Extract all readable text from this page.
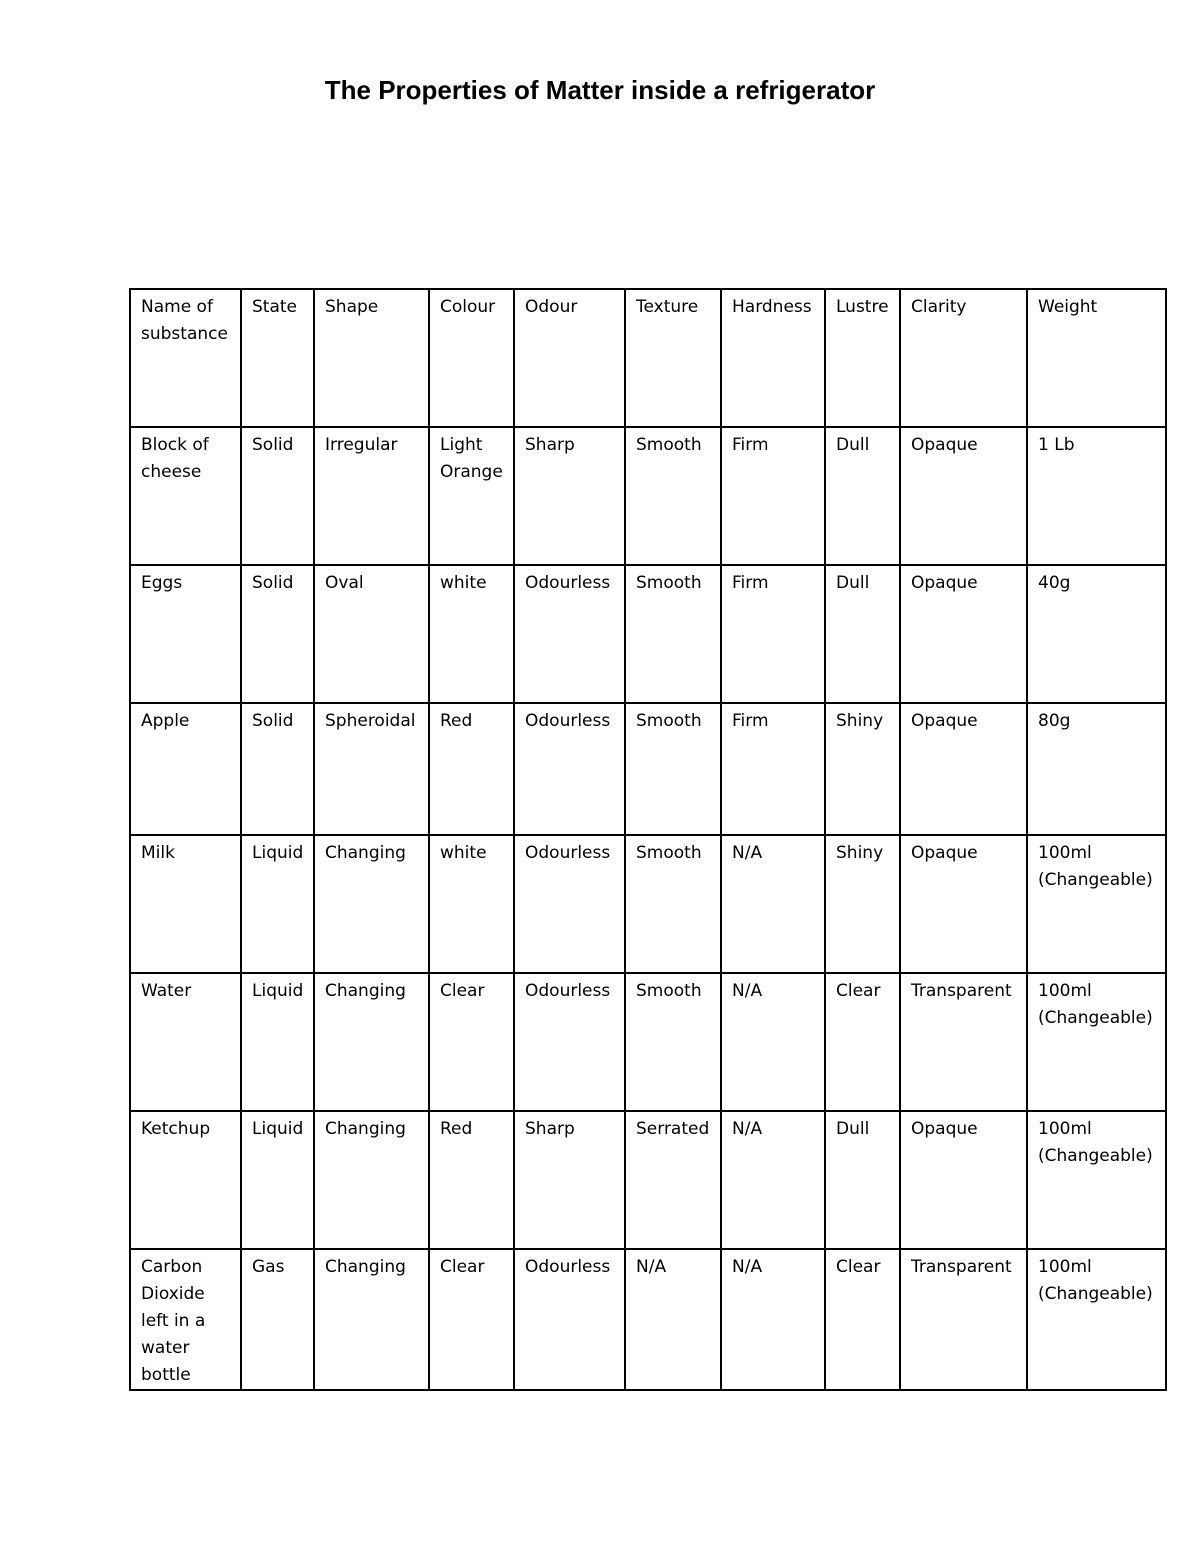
The Properties of Matter inside a refrigerator
Name of substance	State	Shape	Colour	Odour	Texture	Hardness	Lustre	Clarity	Weight
Block of cheese	Solid	Irregular	Light Orange	Sharp	Smooth	Firm	Dull	Opaque	1 Lb
Eggs	Solid	Oval	white	Odourless	Smooth	Firm	Dull	Opaque	40g
Apple	Solid	Spheroidal	Red	Odourless	Smooth	Firm	Shiny	Opaque	80g
Milk	Liquid	Changing	white	Odourless	Smooth	N/A	Shiny	Opaque	100ml (Changeable)
Water	Liquid	Changing	Clear	Odourless	Smooth	N/A	Clear	Transparent	100ml (Changeable)
Ketchup	Liquid	Changing	Red	Sharp	Serrated	N/A	Dull	Opaque	100ml (Changeable)
Carbon Dioxide left in a water bottle	Gas	Changing	Clear	Odourless	N/A	N/A	Clear	Transparent	100ml (Changeable)
